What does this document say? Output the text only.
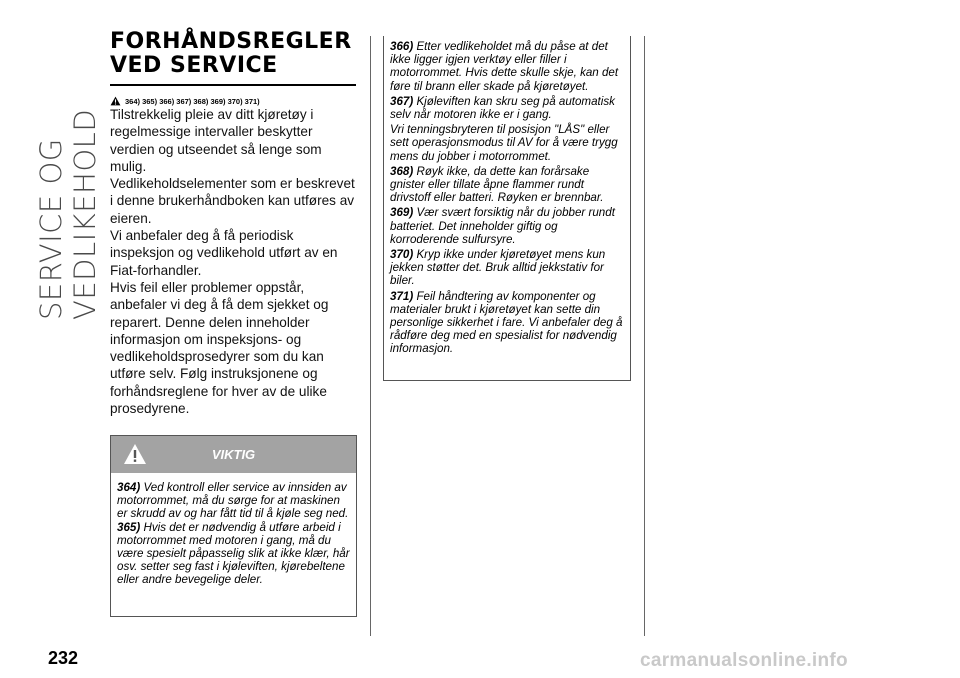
SERVICE OG VEDLIKEHOLD
FORHÅNDSREGLER
VED SERVICE
364) 365) 366) 367) 368) 369) 370) 371)

Tilstrekkelig pleie av ditt kjøretøy i regelmessige intervaller beskytter verdien og utseendet så lenge som mulig.

Vedlikeholdselementer som er beskrevet i denne brukerhåndboken kan utføres av eieren.

Vi anbefaler deg å få periodisk inspeksjon og vedlikehold utført av en Fiat-forhandler.

Hvis feil eller problemer oppstår, anbefaler vi deg å få dem sjekket og reparert. Denne delen inneholder informasjon om inspeksjons- og vedlikeholdsprosedyrer som du kan utføre selv. Følg instruksjonene og forhåndsreglene for hver av de ulike prosedyrene.

VIKTIG

364) Ved kontroll eller service av innsiden av motorrommet, må du sørge for at maskinen er skrudd av og har fått tid til å kjøle seg ned.

365) Hvis det er nødvendig å utføre arbeid i motorrommet med motoren i gang, må du være spesielt påpasselig slik at ikke klær, hår osv. setter seg fast i kjøleviften, kjørebeltene eller andre bevegelige deler.

366) Etter vedlikeholdet må du påse at det ikke ligger igjen verktøy eller filler i motorrommet. Hvis dette skulle skje, kan det føre til brann eller skade på kjøretøyet.

367) Kjøleviften kan skru seg på automatisk selv når motoren ikke er i gang.

Vri tenningsbryteren til posisjon "LÅS" eller sett operasjonsmodus til AV for å være trygg mens du jobber i motorrommet.

368) Røyk ikke, da dette kan forårsake gnister eller tillate åpne flammer rundt drivstoff eller batteri. Røyken er brennbar.

369) Vær svært forsiktig når du jobber rundt batteriet. Det inneholder giftig og korroderende sulfursyre.

370) Kryp ikke under kjøretøyet mens kun jekken støtter det. Bruk alltid jekkstativ for biler.

371) Feil håndtering av komponenter og materialer brukt i kjøretøyet kan sette din personlige sikkerhet i fare. Vi anbefaler deg å rådføre deg med en spesialist for nødvendig informasjon.

232	carmanualsonline.info
